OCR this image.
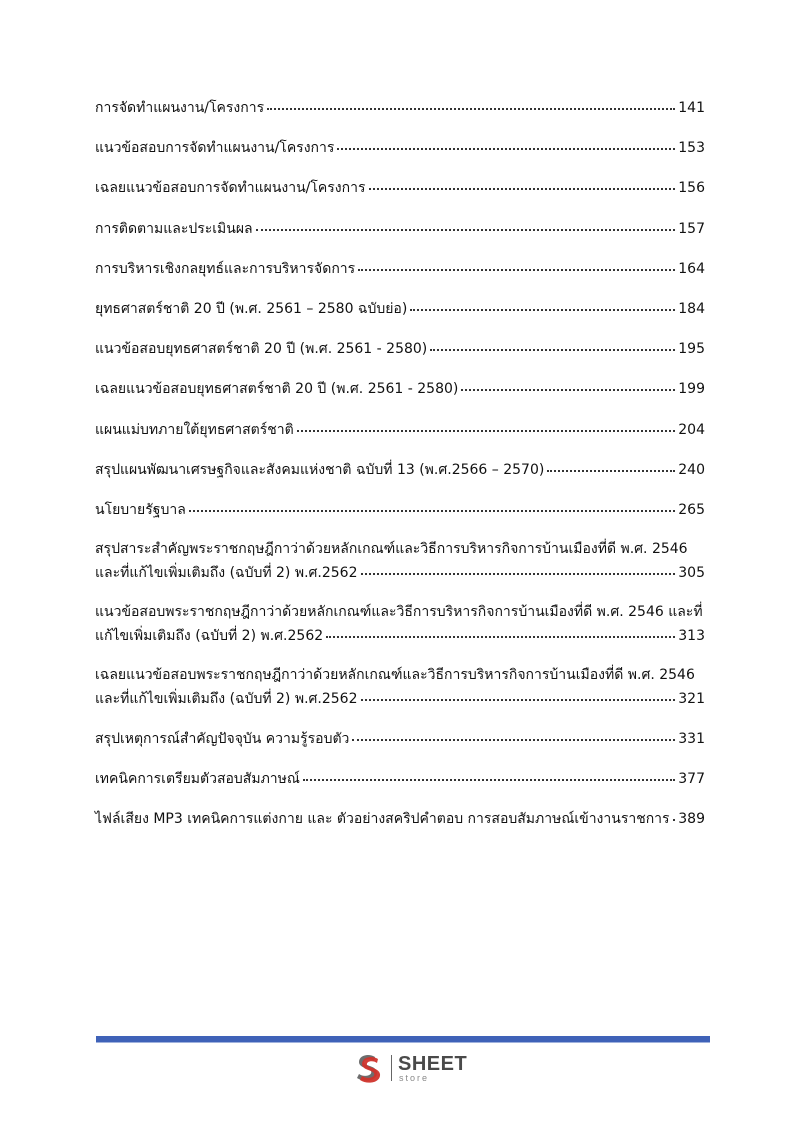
การจัดทำแผนงาน/โครงการ	141
แนวข้อสอบการจัดทำแผนงาน/โครงการ	153
เฉลยแนวข้อสอบการจัดทำแผนงาน/โครงการ	156
การติดตามและประเมินผล	157
การบริหารเชิงกลยุทธ์และการบริหารจัดการ	164
ยุทธศาสตร์ชาติ 20 ปี (พ.ศ. 2561 – 2580 ฉบับย่อ)	184
แนวข้อสอบยุทธศาสตร์ชาติ 20 ปี (พ.ศ. 2561 - 2580)	195
เฉลยแนวข้อสอบยุทธศาสตร์ชาติ 20 ปี (พ.ศ. 2561 - 2580)	199
แผนแม่บทภายใต้ยุทธศาสตร์ชาติ	204
สรุปแผนพัฒนาเศรษฐกิจและสังคมแห่งชาติ ฉบับที่ 13 (พ.ศ.2566 – 2570)	240
นโยบายรัฐบาล	265
สรุปสาระสำคัญพระราชกฤษฎีกาว่าด้วยหลักเกณฑ์และวิธีการบริหารกิจการบ้านเมืองที่ดี พ.ศ. 2546
และที่แก้ไขเพิ่มเติมถึง (ฉบับที่ 2) พ.ศ.2562	305
แนวข้อสอบพระราชกฤษฎีกาว่าด้วยหลักเกณฑ์และวิธีการบริหารกิจการบ้านเมืองที่ดี พ.ศ. 2546 และที่
แก้ไขเพิ่มเติมถึง (ฉบับที่ 2) พ.ศ.2562	313
เฉลยแนวข้อสอบพระราชกฤษฎีกาว่าด้วยหลักเกณฑ์และวิธีการบริหารกิจการบ้านเมืองที่ดี พ.ศ. 2546
และที่แก้ไขเพิ่มเติมถึง (ฉบับที่ 2) พ.ศ.2562	321
สรุปเหตุการณ์สำคัญปัจจุบัน ความรู้รอบตัว	331
เทคนิคการเตรียมตัวสอบสัมภาษณ์	377
ไฟล์เสียง MP3 เทคนิคการแต่งกาย และ ตัวอย่างสคริปคำตอบ การสอบสัมภาษณ์เข้างานราชการ 389
SHEET
store
